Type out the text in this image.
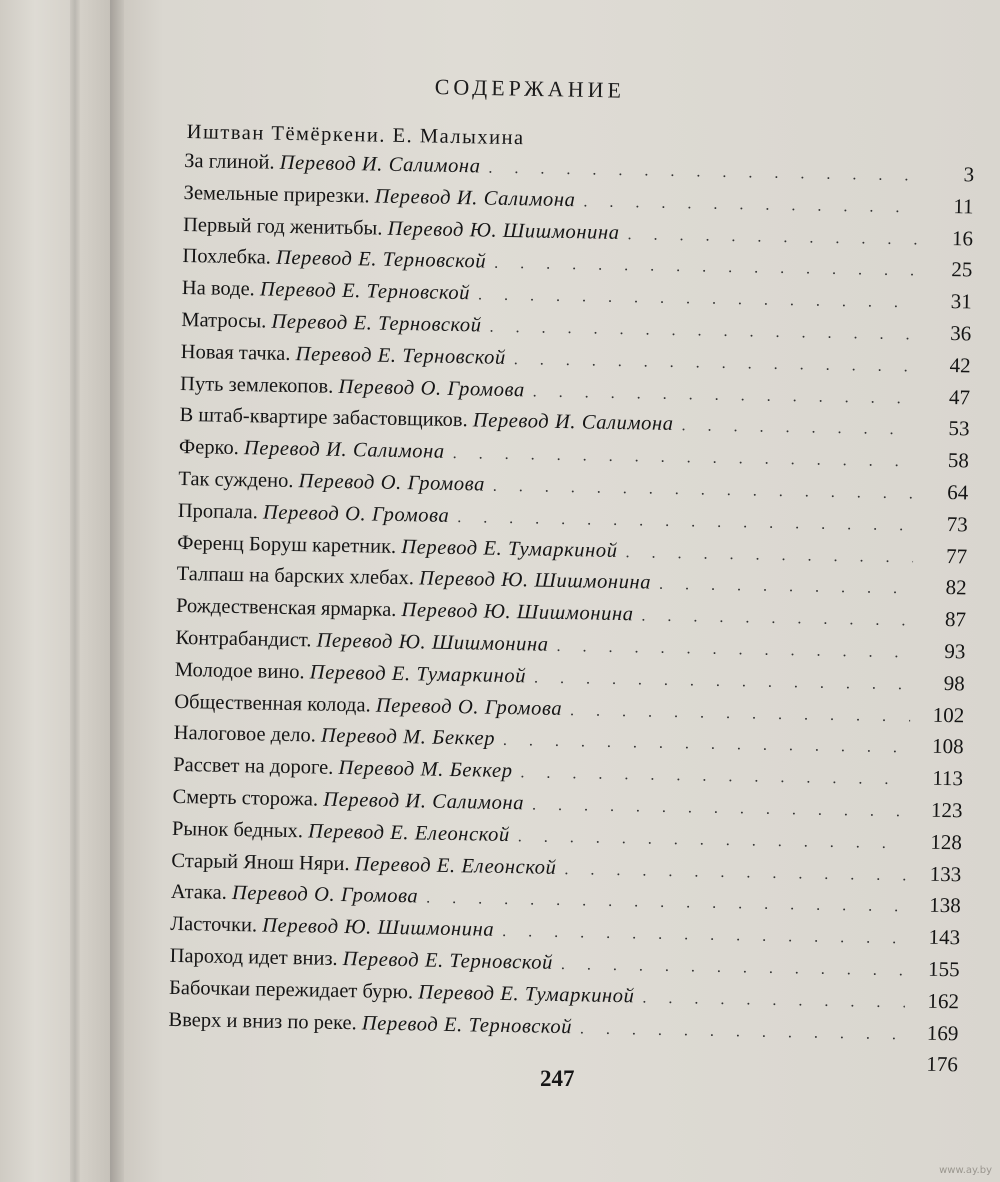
СОДЕРЖАНИЕ
Иштван Тёмёркени. Е. Малыхина
За глиной. Перевод И. Салимона . . .	3
Земельные прирезки. Перевод И. Салимона . . .	11
Первый год женитьбы. Перевод Ю. Шишмонина . . .	16
Похлебка. Перевод Е. Терновской . . .	25
На воде. Перевод Е. Терновской . . .	31
Матросы. Перевод Е. Терновской . . .	36
Новая тачка. Перевод Е. Терновской . . .	42
Путь землекопов. Перевод О. Громова . . .	47
В штаб-квартире забастовщиков. Перевод И. Салимона . . .	53
Ферко. Перевод И. Салимона . . .	58
Так суждено. Перевод О. Громова . . .	64
Пропала. Перевод О. Громова . . .	73
Ференц Боруш каретник. Перевод Е. Тумаркиной . . .	77
Талпаш на барских хлебах. Перевод Ю. Шишмонина . . .	82
Рождественская ярмарка. Перевод Ю. Шишмонина . . .	87
Контрабандист. Перевод Ю. Шишмонина . . .	93
Молодое вино. Перевод Е. Тумаркиной . . .	98
Общественная колода. Перевод О. Громова . . .	102
Налоговое дело. Перевод М. Беккер . . .	108
Рассвет на дороге. Перевод М. Беккер . . .	113
Смерть сторожа. Перевод И. Салимона . . .	123
Рынок бедных. Перевод Е. Елеонской . . .	128
Старый Янош Няри. Перевод Е. Елеонской . . .	133
Атака. Перевод О. Громова . . .	138
Ласточки. Перевод Ю. Шишмонина . . .	143
Пароход идет вниз. Перевод Е. Терновской . . .	155
Бабочкаи пережидает бурю. Перевод Е. Тумаркиной . . .	162
Вверх и вниз по реке. Перевод Е. Терновской . . .	169
176
247
www.ay.by
